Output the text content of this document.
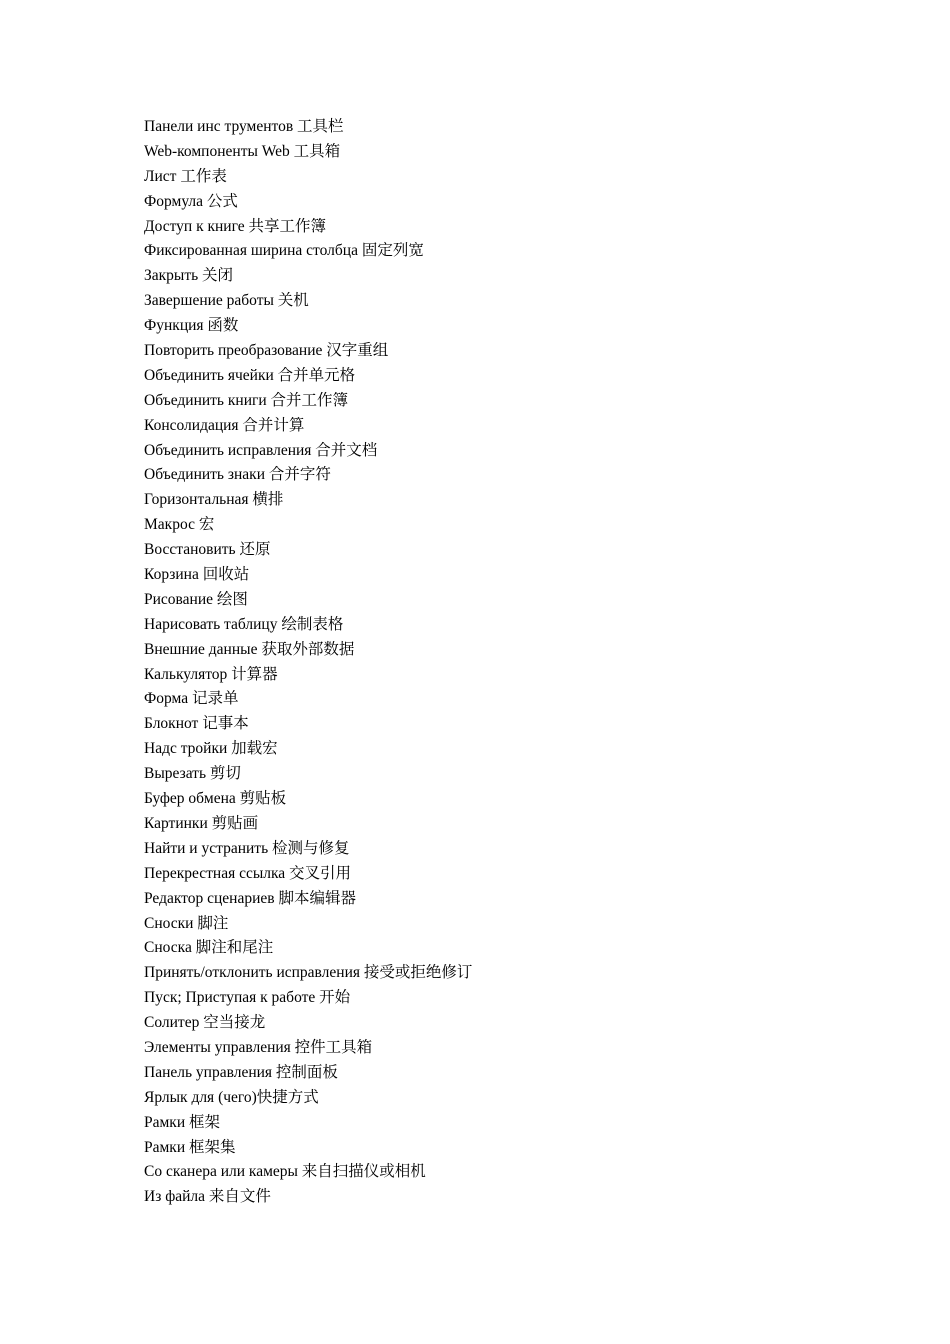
Панели инс трументов 工具栏
Web-компоненты Web 工具箱
Лист 工作表
Формула 公式
Доступ к книге 共享工作簿
Фиксированная ширина столбца 固定列宽
Закрыть 关闭
Завершение работы 关机
Функция 函数
Повторить преобразование 汉字重组
Объединить ячейки 合并单元格
Объединить книги 合并工作簿
Консолидация 合并计算
Объединить исправления 合并文档
Объединить знаки 合并字符
Горизонтальная 横排
Макрос 宏
Восстановить 还原
Корзина 回收站
Рисование 绘图
Нарисовать таблицу 绘制表格
Внешние данные 获取外部数据
Калькулятор 计算器
Форма 记录单
Блокнот 记事本
Надс тройки 加载宏
Вырезать 剪切
Буфер обмена 剪贴板
Картинки 剪贴画
Найти и устранить 检测与修复
Перекрестная ссылка 交叉引用
Редактор сценариев 脚本编辑器
Сноски 脚注
Сноска 脚注和尾注
Принять/отклонить исправления 接受或拒绝修订
Пуск; Приступая к работе 开始
Солитер 空当接龙
Элементы управления 控件工具箱
Панель управления 控制面板
Ярлык для (чего)快捷方式
Рамки 框架
Рамки 框架集
Со сканера или камеры 来自扫描仪或相机
Из файла 来自文件
